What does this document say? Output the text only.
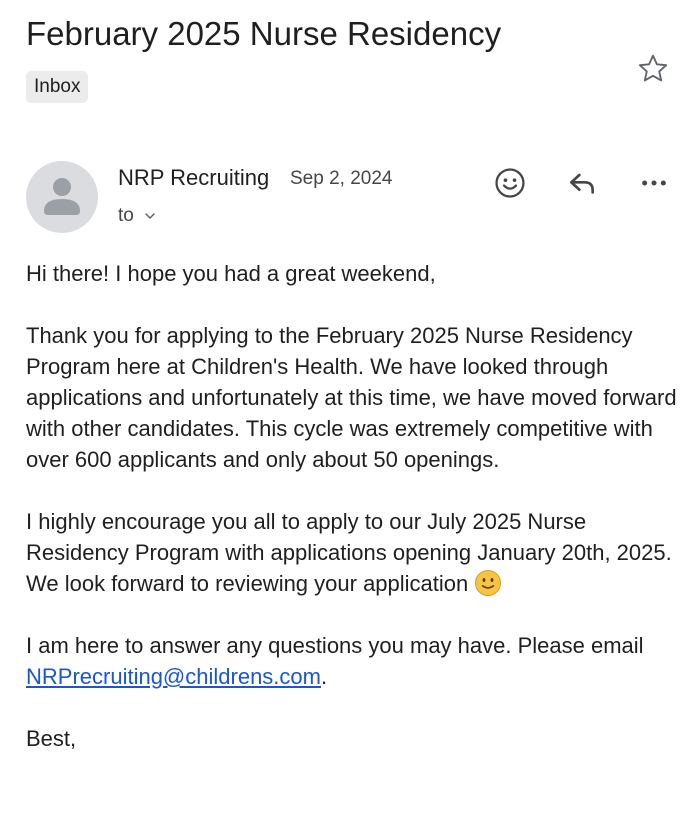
February 2025 Nurse Residency
Inbox
NRP Recruiting Sep 2, 2024
to

Hi there! I hope you had a great weekend,

Thank you for applying to the February 2025 Nurse Residency Program here at Children's Health. We have looked through applications and unfortunately at this time, we have moved forward with other candidates. This cycle was extremely competitive with over 600 applicants and only about 50 openings.

I highly encourage you all to apply to our July 2025 Nurse Residency Program with applications opening January 20th, 2025. We look forward to reviewing your application

I am here to answer any questions you may have. Please email NRPrecruiting@childrens.com.

Best,
